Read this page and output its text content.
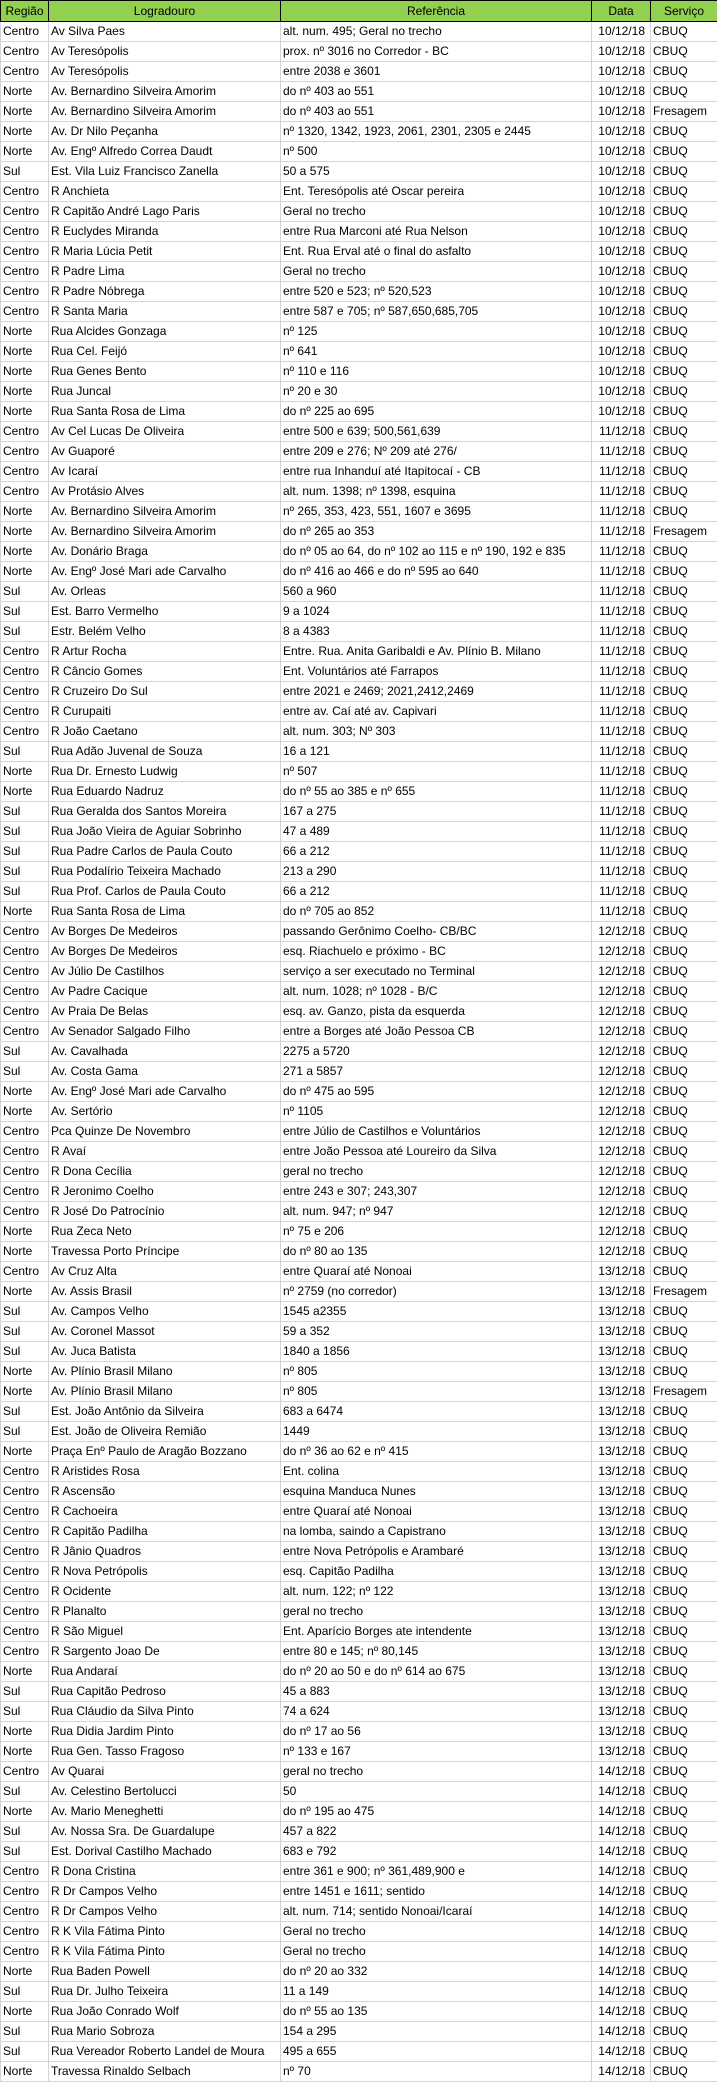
Região	Logradouro	Referência	Data	Serviço
Centro	Av Silva Paes	alt. num. 495; Geral no trecho	10/12/18	CBUQ
Centro	Av Teresópolis	prox. nº 3016 no Corredor - BC	10/12/18	CBUQ
Centro	Av Teresópolis	entre 2038 e 3601	10/12/18	CBUQ
Norte	Av. Bernardino Silveira Amorim	do nº 403 ao 551	10/12/18	CBUQ
Norte	Av. Bernardino Silveira Amorim	do nº 403 ao 551	10/12/18	Fresagem
Norte	Av. Dr Nilo Peçanha	nº 1320, 1342, 1923, 2061, 2301, 2305 e 2445	10/12/18	CBUQ
Norte	Av. Engº Alfredo Correa Daudt	nº 500	10/12/18	CBUQ
Sul	Est. Vila Luiz Francisco Zanella	50 a 575	10/12/18	CBUQ
Centro	R Anchieta	Ent. Teresópolis até Oscar pereira	10/12/18	CBUQ
Centro	R Capitão André Lago Paris	Geral no trecho	10/12/18	CBUQ
Centro	R Euclydes Miranda	entre Rua Marconi até Rua Nelson	10/12/18	CBUQ
Centro	R Maria Lúcia Petit	Ent. Rua Erval até o final do asfalto	10/12/18	CBUQ
Centro	R Padre Lima	Geral no trecho	10/12/18	CBUQ
Centro	R Padre Nóbrega	entre 520 e 523; nº 520,523	10/12/18	CBUQ
Centro	R Santa Maria	entre 587 e 705; nº 587,650,685,705	10/12/18	CBUQ
Norte	Rua Alcides Gonzaga	nº 125	10/12/18	CBUQ
Norte	Rua Cel. Feijó	nº 641	10/12/18	CBUQ
Norte	Rua Genes Bento	nº 110 e 116	10/12/18	CBUQ
Norte	Rua Juncal	nº 20 e 30	10/12/18	CBUQ
Norte	Rua Santa Rosa de Lima	do nº 225 ao 695	10/12/18	CBUQ
Centro	Av Cel Lucas De Oliveira	entre 500 e 639; 500,561,639	11/12/18	CBUQ
Centro	Av Guaporé	entre 209 e 276; Nº 209 até 276/	11/12/18	CBUQ
Centro	Av Icaraí	entre rua Inhanduí até Itapitocaí - CB	11/12/18	CBUQ
Centro	Av Protásio Alves	alt. num. 1398; nº 1398, esquina	11/12/18	CBUQ
Norte	Av. Bernardino Silveira Amorim	nº 265, 353, 423, 551, 1607 e 3695	11/12/18	CBUQ
Norte	Av. Bernardino Silveira Amorim	do nº 265 ao 353	11/12/18	Fresagem
Norte	Av. Donário Braga	do nº 05 ao 64, do nº 102 ao 115 e nº 190, 192 e 835	11/12/18	CBUQ
Norte	Av. Engº José Mari ade Carvalho	do nº 416 ao 466 e do nº 595 ao 640	11/12/18	CBUQ
Sul	Av. Orleas	560 a 960	11/12/18	CBUQ
Sul	Est. Barro Vermelho	9 a 1024	11/12/18	CBUQ
Sul	Estr. Belém Velho	8 a 4383	11/12/18	CBUQ
Centro	R Artur Rocha	Entre. Rua. Anita Garibaldi e Av. Plínio B. Milano	11/12/18	CBUQ
Centro	R Câncio Gomes	Ent. Voluntários até Farrapos	11/12/18	CBUQ
Centro	R Cruzeiro Do Sul	entre 2021 e 2469; 2021,2412,2469	11/12/18	CBUQ
Centro	R Curupaiti	entre av. Caí até av. Capivari	11/12/18	CBUQ
Centro	R João Caetano	alt. num. 303; Nº 303	11/12/18	CBUQ
Sul	Rua Adão Juvenal de Souza	16 a 121	11/12/18	CBUQ
Norte	Rua Dr. Ernesto Ludwig	nº 507	11/12/18	CBUQ
Norte	Rua Eduardo Nadruz	do nº 55 ao 385 e nº 655	11/12/18	CBUQ
Sul	Rua Geralda dos Santos Moreira	167 a 275	11/12/18	CBUQ
Sul	Rua João Vieira de Aguiar Sobrinho	47 a 489	11/12/18	CBUQ
Sul	Rua Padre Carlos de Paula Couto	66 a 212	11/12/18	CBUQ
Sul	Rua Podalírio Teixeira Machado	213 a 290	11/12/18	CBUQ
Sul	Rua Prof. Carlos de Paula Couto	66 a 212	11/12/18	CBUQ
Norte	Rua Santa Rosa de Lima	do nº 705 ao 852	11/12/18	CBUQ
Centro	Av Borges De Medeiros	passando Gerônimo Coelho- CB/BC	12/12/18	CBUQ
Centro	Av Borges De Medeiros	esq. Riachuelo e próximo - BC	12/12/18	CBUQ
Centro	Av Júlio De Castilhos	serviço a ser executado no Terminal	12/12/18	CBUQ
Centro	Av Padre Cacique	alt. num. 1028; nº 1028 - B/C	12/12/18	CBUQ
Centro	Av Praia De Belas	esq. av. Ganzo, pista da esquerda	12/12/18	CBUQ
Centro	Av Senador Salgado Filho	entre a Borges até João Pessoa CB	12/12/18	CBUQ
Sul	Av. Cavalhada	2275 a 5720	12/12/18	CBUQ
Sul	Av. Costa Gama	271 a 5857	12/12/18	CBUQ
Norte	Av. Engº José Mari ade Carvalho	do nº 475 ao 595	12/12/18	CBUQ
Norte	Av. Sertório	nº 1105	12/12/18	CBUQ
Centro	Pca Quinze De Novembro	entre Júlio de Castilhos e Voluntários	12/12/18	CBUQ
Centro	R Avaí	entre João Pessoa até Loureiro da Silva	12/12/18	CBUQ
Centro	R Dona Cecília	geral no trecho	12/12/18	CBUQ
Centro	R Jeronimo Coelho	entre 243 e 307; 243,307	12/12/18	CBUQ
Centro	R José Do Patrocínio	alt. num. 947; nº 947	12/12/18	CBUQ
Norte	Rua Zeca Neto	nº 75 e 206	12/12/18	CBUQ
Norte	Travessa Porto Príncipe	do nº 80 ao 135	12/12/18	CBUQ
Centro	Av Cruz Alta	entre Quaraí até Nonoai	13/12/18	CBUQ
Norte	Av. Assis Brasil	nº 2759 (no corredor)	13/12/18	Fresagem
Sul	Av. Campos Velho	1545 a2355	13/12/18	CBUQ
Sul	Av. Coronel Massot	59 a 352	13/12/18	CBUQ
Sul	Av. Juca Batista	1840 a 1856	13/12/18	CBUQ
Norte	Av. Plínio Brasil Milano	nº 805	13/12/18	CBUQ
Norte	Av. Plínio Brasil Milano	nº 805	13/12/18	Fresagem
Sul	Est. João Antônio da Silveira	683 a 6474	13/12/18	CBUQ
Sul	Est. João de Oliveira Remião	1449	13/12/18	CBUQ
Norte	Praça Enº Paulo de Aragão Bozzano	do nº 36 ao 62 e nº 415	13/12/18	CBUQ
Centro	R Aristides Rosa	Ent. colina	13/12/18	CBUQ
Centro	R Ascensão	esquina Manduca Nunes	13/12/18	CBUQ
Centro	R Cachoeira	entre Quaraí até Nonoai	13/12/18	CBUQ
Centro	R Capitão Padilha	na lomba, saindo a Capistrano	13/12/18	CBUQ
Centro	R Jânio Quadros	entre Nova Petrópolis e Arambaré	13/12/18	CBUQ
Centro	R Nova Petrópolis	esq. Capitão Padilha	13/12/18	CBUQ
Centro	R Ocidente	alt. num. 122; nº 122	13/12/18	CBUQ
Centro	R Planalto	geral no trecho	13/12/18	CBUQ
Centro	R São Miguel	Ent. Aparício Borges ate intendente	13/12/18	CBUQ
Centro	R Sargento Joao De	entre 80 e 145; nº 80,145	13/12/18	CBUQ
Norte	Rua Andaraí	do nº 20 ao 50 e do nº 614 ao 675	13/12/18	CBUQ
Sul	Rua Capitão Pedroso	45 a 883	13/12/18	CBUQ
Sul	Rua Cláudio da Silva Pinto	74 a 624	13/12/18	CBUQ
Norte	Rua Didia Jardim Pinto	do nº 17 ao 56	13/12/18	CBUQ
Norte	Rua Gen. Tasso Fragoso	nº 133 e 167	13/12/18	CBUQ
Centro	Av Quarai	geral no trecho	14/12/18	CBUQ
Sul	Av. Celestino Bertolucci	50	14/12/18	CBUQ
Norte	Av. Mario Meneghetti	do nº 195 ao 475	14/12/18	CBUQ
Sul	Av. Nossa Sra. De Guardalupe	457 a 822	14/12/18	CBUQ
Sul	Est. Dorival Castilho Machado	683 e 792	14/12/18	CBUQ
Centro	R Dona Cristina	entre 361 e 900; nº 361,489,900 e	14/12/18	CBUQ
Centro	R Dr Campos Velho	entre 1451 e 1611; sentido	14/12/18	CBUQ
Centro	R Dr Campos Velho	alt. num. 714; sentido Nonoai/Icaraí	14/12/18	CBUQ
Centro	R K Vila Fátima Pinto	Geral no trecho	14/12/18	CBUQ
Centro	R K Vila Fátima Pinto	Geral no trecho	14/12/18	CBUQ
Norte	Rua Baden Powell	do nº 20 ao 332	14/12/18	CBUQ
Sul	Rua Dr. Julho Teixeira	11 a 149	14/12/18	CBUQ
Norte	Rua João Conrado Wolf	do nº 55 ao 135	14/12/18	CBUQ
Sul	Rua Mario Sobroza	154 a 295	14/12/18	CBUQ
Sul	Rua Vereador Roberto Landel de Moura	495 a 655	14/12/18	CBUQ
Norte	Travessa Rinaldo Selbach	nº 70	14/12/18	CBUQ
